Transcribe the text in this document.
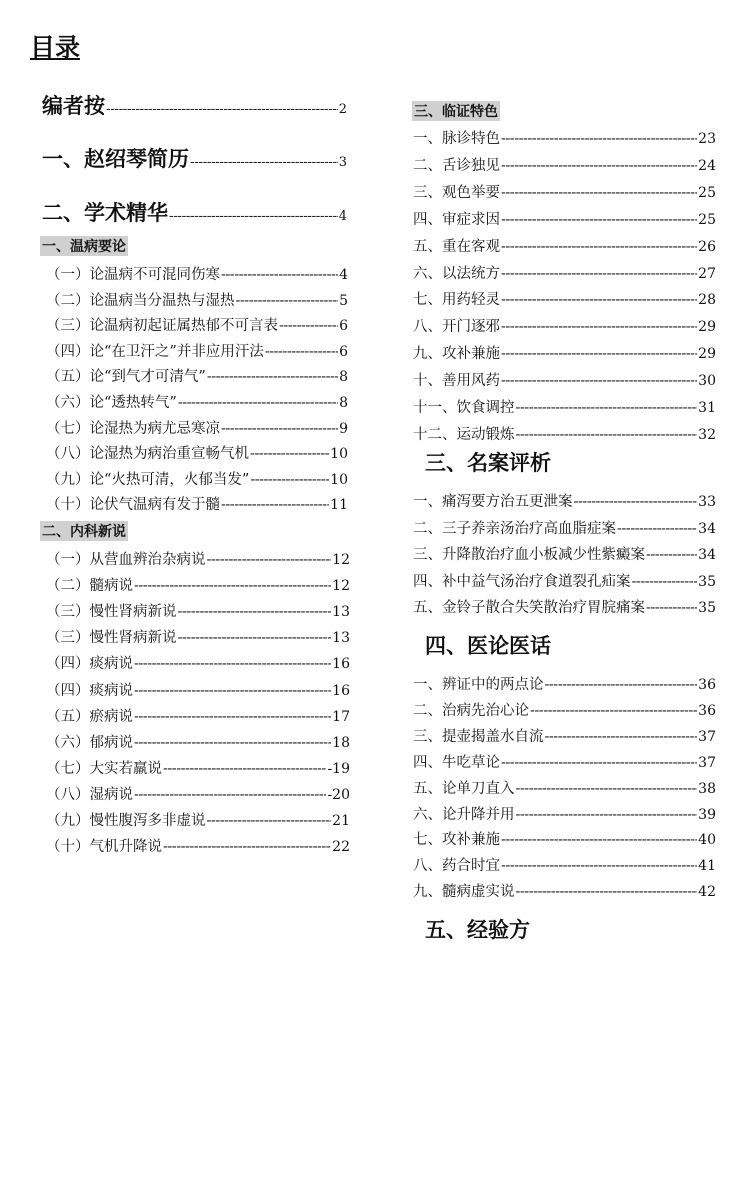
目录
编者按 -----	2
一、赵绍琴简历 -----	3
二、学术精华 -----	4
一、温病要论
（一）论温病不可混同伤寒 -----	4
（二）论温病当分温热与湿热 -----	5
（三）论温病初起证属热郁不可言表 -----	6
（四）论“在卫汗之”并非应用汗法 -----	6
（五）论“到气才可清气” -----	8
（六）论“透热转气” -----	8
（七）论湿热为病尤忌寒凉 -----	9
（八）论湿热为病治重宣畅气机 -----	10
（九）论“火热可清，火郁当发” -----	10
（十）论伏气温病有发于髓 -----	11
二、内科新说
（一）从营血辨治杂病说 -----	12
（二）髓病说 -----	12
（三）慢性肾病新说 -----	13
（三）慢性肾病新说 -----	13
（四）痰病说 -----	16
（四）痰病说 -----	16
（五）瘀病说 -----	17
（六）郁病说 -----	18
（七）大实若羸说 -----	-19
（八）湿病说 -----	-20
（九）慢性腹泻多非虚说 -----	21
（十）气机升降说 -----	22
三、临证特色
一、脉诊特色 -----	23
二、舌诊独见 -----	24
三、观色举要 -----	25
四、审症求因 -----	25
五、重在客观 -----	26
六、以法统方 -----	27
七、用药轻灵 -----	28
八、开门逐邪 -----	29
九、攻补兼施 -----	29
十、善用风药 -----	30
十一、饮食调控 -----	31
十二、运动锻炼 -----	32
三、名案评析
一、痛泻要方治五更泄案 -----	33
二、三子养亲汤治疗高血脂症案 -----	34
三、升降散治疗血小板减少性紫癜案 -----	34
四、补中益气汤治疗食道裂孔疝案 -----	35
五、金铃子散合失笑散治疗胃脘痛案 -----	35
四、医论医话
一、辨证中的两点论 -----	36
二、治病先治心论 -----	36
三、提壶揭盖水自流 -----	37
四、牛吃草论 -----	37
五、论单刀直入 -----	38
六、论升降并用 -----	39
七、攻补兼施 -----	40
八、药合时宜 -----	41
九、髓病虚实说 -----	42
五、经验方
